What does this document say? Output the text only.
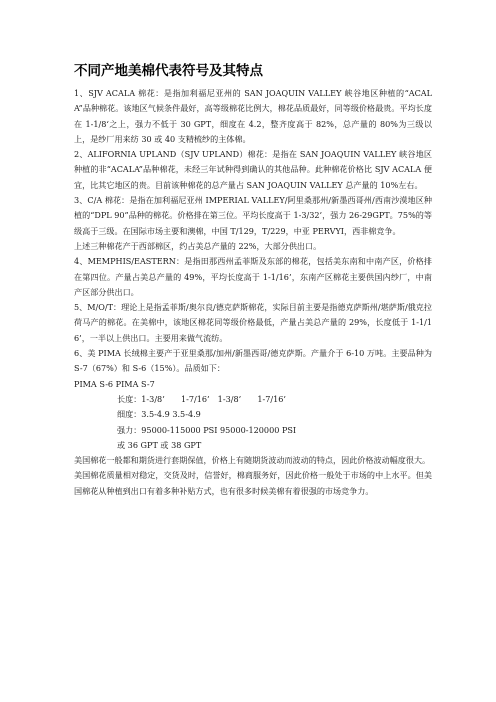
不同产地美棉代表符号及其特点

1、SJV ACALA 棉花：是指加利福尼亚州的 SAN JOAQUIN VALLEY 峡谷地区种植的“ACALA”品种棉花。该地区气候条件最好，高等级棉花比例大，棉花品质最好，同等级价格最贵。平均长度在 1-1/8‘之上，强力不低于 30 GPT，细度在 4.2，整齐度高于 82%，总产量的 80%为三级以上，是纱厂用来纺 30 或 40 支精梳纱的主体棉。

2、ALIFORNIA UPLAND（SJV UPLAND）棉花：是指在 SAN JOAQUIN VALLEY 峡谷地区种植的非“ACALA”品种棉花，未经三年试种得到确认的其他品种。此种棉花价格比 SJV ACALA 便宜，比其它地区的贵。目前该种棉花的总产量占 SAN JOAQUIN VALLEY 总产量的 10%左右。

3、C/A 棉花：是指在加利福尼亚州 IMPERIAL VALLEY/阿里桑那州/新墨西哥州/西南沙漠地区种植的“DPL 90”品种的棉花。价格排在第三位。平均长度高于 1-3/32’，强力 26-29GPT。75%的等级高于三级。在国际市场主要和澳棉，中国 T/129，T/229，中亚 PERVYI，西非棉竞争。

上述三种棉花产于西部棉区，约占美总产量的 22%，大部分供出口。

4、MEMPHIS/EASTERN：是指田那西州孟菲斯及东部的棉花，包括美东南和中南产区，价格排在第四位。产量占美总产量的 49%，平均长度高于 1-1/16’，东南产区棉花主要供国内纱厂，中南产区部分供出口。

5、M/O/T：理论上是指孟菲斯/奥尔良/德克萨斯棉花，实际目前主要是指德克萨斯州/堪萨斯/俄克拉荷马产的棉花。在美棉中，该地区棉花同等级价格最低，产量占美总产量的 29%，长度低于 1-1/16’，一半以上供出口。主要用来做气流纺。

6、美 PIMA 长绒棉主要产于亚里桑那/加州/新墨西哥/德克萨斯。产量介于 6-10 万吨。主要品种为 S-7（67%）和 S-6（15%）。品质如下：

PIMA S-6 PIMA S-7

长度：1-3/8’　　1-7/16’　1-3/8’　　1-7/16’

细度：3.5-4.9 3.5-4.9

强力：95000-115000 PSI 95000-120000 PSI

或 36 GPT 或 38 GPT

美国棉花一般都和期货进行套期保值，价格上有随期货波动而波动的特点，因此价格波动幅度很大。

美国棉花质量相对稳定，交货及时，信誉好，棉商服务好，因此价格一般处于市场的中上水平。但美国棉花从种植到出口有着多种补贴方式，也有很多时候美棉有着很强的市场竞争力。
